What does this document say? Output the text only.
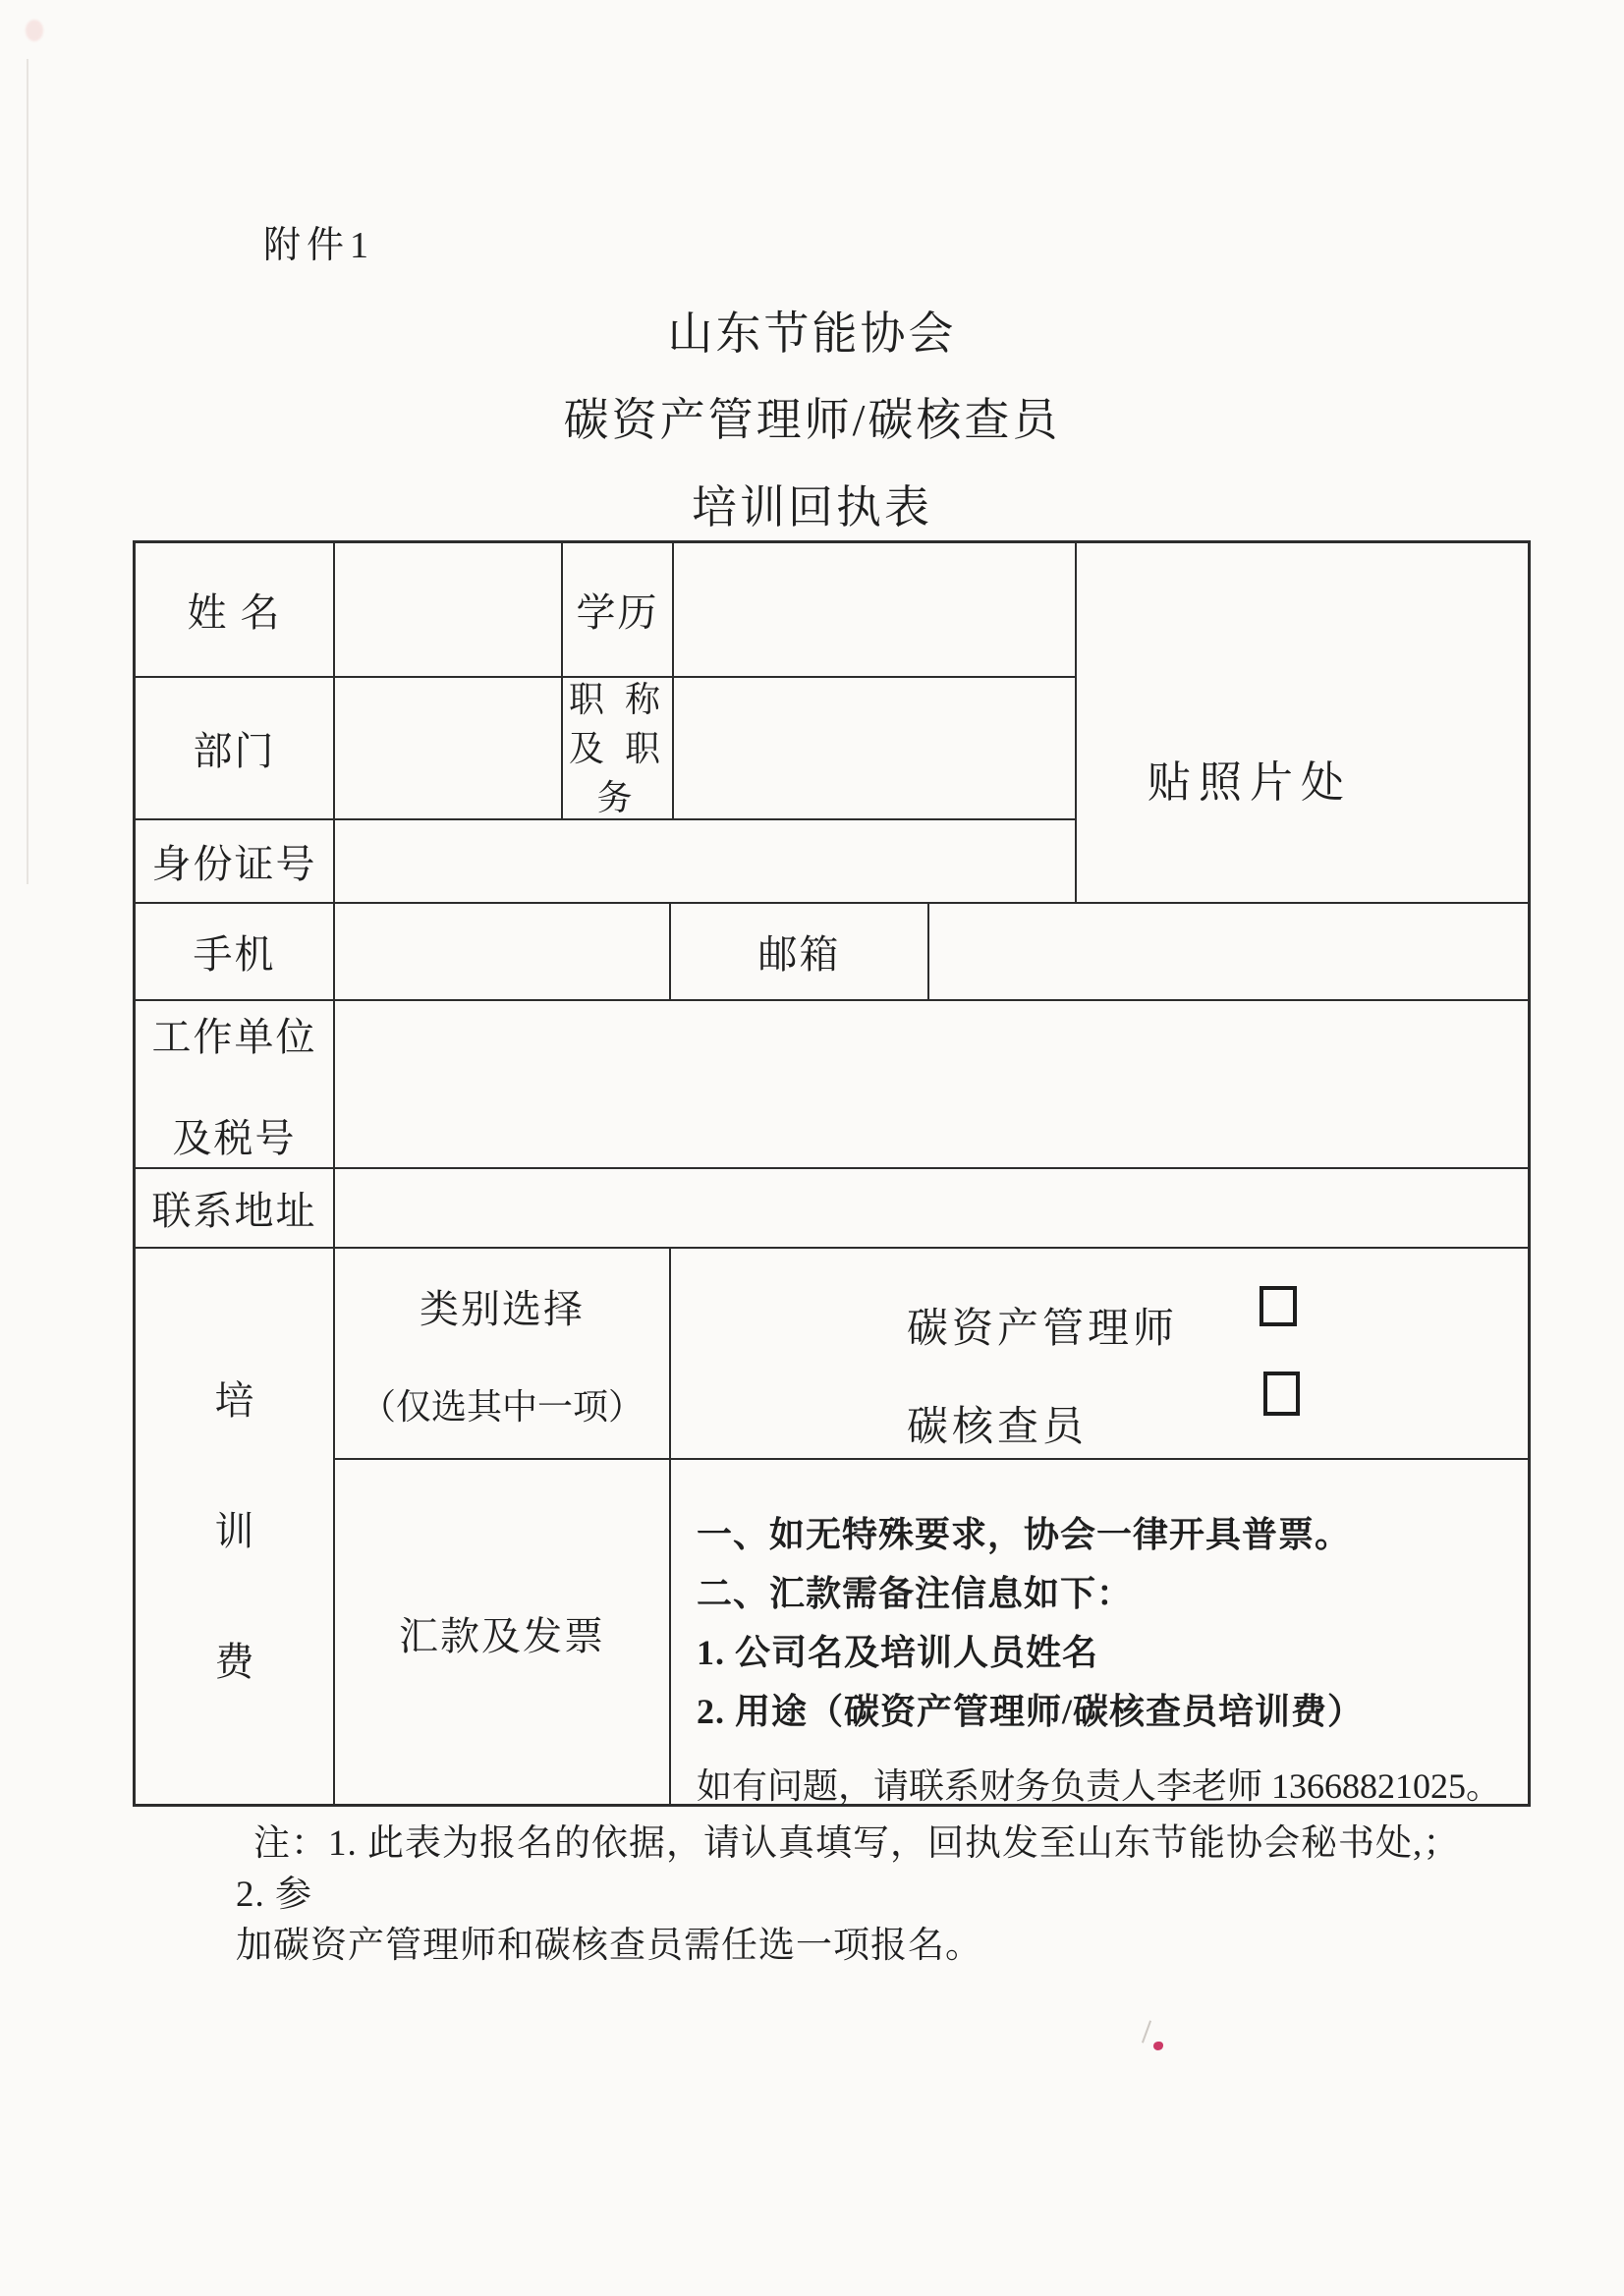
附件1
山东节能协会
碳资产管理师/碳核查员
培训回执表
姓 名	学历
贴照片处
部门
职 称
及 职
务
身份证号
手机	邮箱
工作单位
及税号
联系地址
培
训
费
类别选择
（仅选其中一项）
碳资产管理师
碳核查员
汇款及发票
一、如无特殊要求，协会一律开具普票。
二、汇款需备注信息如下：
1. 公司名及培训人员姓名
2. 用途（碳资产管理师/碳核查员培训费）
如有问题，请联系财务负责人李老师 13668821025。
注：1. 此表为报名的依据，请认真填写，回执发至山东节能协会秘书处,；2. 参
加碳资产管理师和碳核查员需任选一项报名。
